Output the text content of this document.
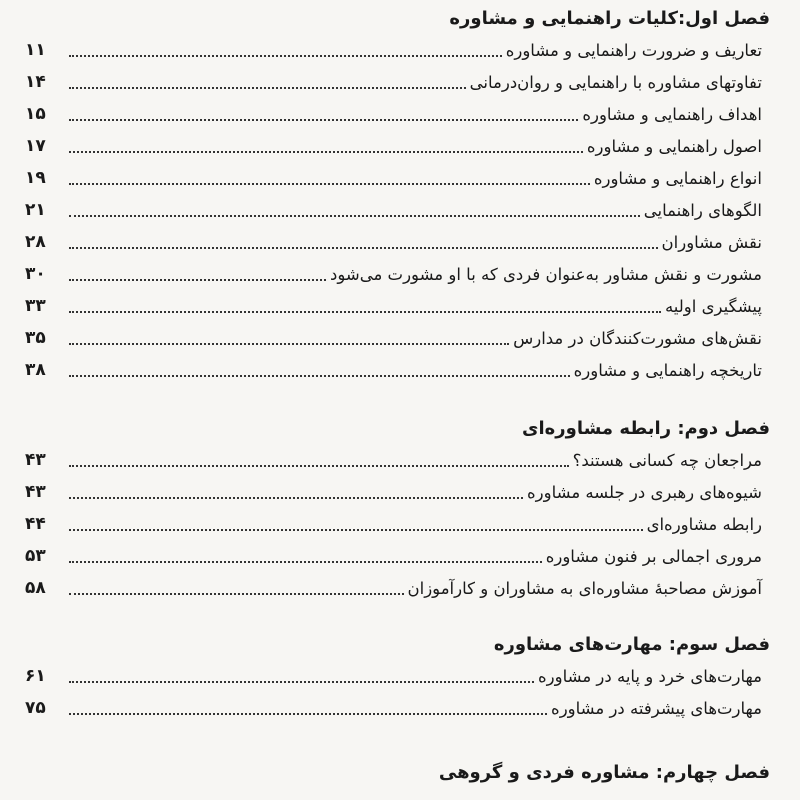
فصل اول:کلیات راهنمایی و مشاوره
تعاریف و ضرورت راهنمایی و مشاوره
۱۱
تفاوتهای مشاوره با راهنمایی و روان‌درمانی
۱۴
اهداف راهنمایی و مشاوره
۱۵
اصول راهنمایی و مشاوره
۱۷
انواع راهنمایی و مشاوره
۱۹
الگوهای راهنمایی
۲۱
نقش مشاوران
۲۸
مشورت و نقش مشاور به‌عنوان فردی که با او مشورت می‌شود
۳۰
پیشگیری اولیه
۳۳
نقش‌های مشورت‌کنندگان در مدارس
۳۵
تاریخچه راهنمایی و مشاوره
۳۸
فصل دوم: رابطه مشاوره‌ای
مراجعان چه کسانی هستند؟
۴۳
شیوه‌های رهبری در جلسه مشاوره
۴۳
رابطه مشاوره‌ای
۴۴
مروری اجمالی بر فنون مشاوره
۵۳
آموزش مصاحبهٔ مشاوره‌ای به مشاوران و کارآموزان
۵۸
فصل سوم: مهارت‌های مشاوره
مهارت‌های خرد و پایه در مشاوره
۶۱
مهارت‌های پیشرفته در مشاوره
۷۵
فصل چهارم: مشاوره فردی و گروهی
